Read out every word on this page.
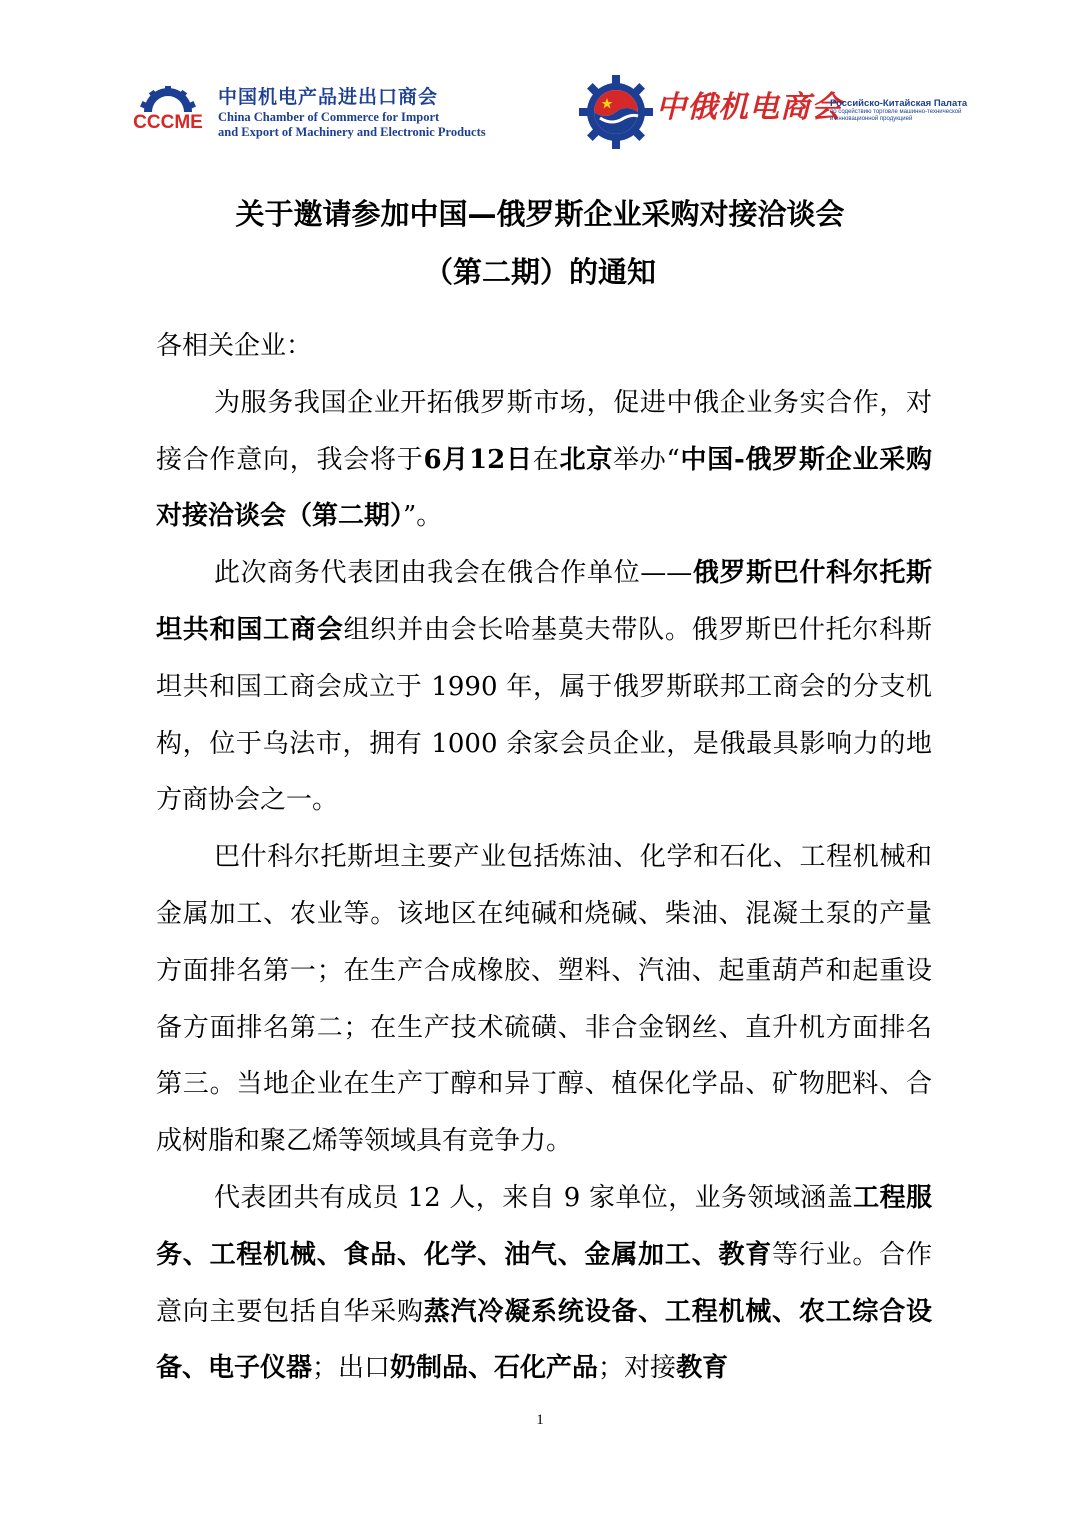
CCCME
中国机电产品进出口商会
China Chamber of Commerce for Import
and Export of Machinery and Electronic Products
中俄机电商会
Российско-Китайская Палата
по содействию торговле машинно-технической
и инновационной продукцией
关于邀请参加中国—俄罗斯企业采购对接洽谈会
（第二期）的通知

各相关企业：

为服务我国企业开拓俄罗斯市场，促进中俄企业务实合作，对接合作意向，我会将于6月12日在北京举办“中国-俄罗斯企业采购对接洽谈会（第二期）”。

此次商务代表团由我会在俄合作单位——俄罗斯巴什科尔托斯坦共和国工商会组织并由会长哈基莫夫带队。俄罗斯巴什托尔科斯坦共和国工商会成立于 1990 年，属于俄罗斯联邦工商会的分支机构，位于乌法市，拥有 1000 余家会员企业，是俄最具影响力的地方商协会之一。

巴什科尔托斯坦主要产业包括炼油、化学和石化、工程机械和金属加工、农业等。该地区在纯碱和烧碱、柴油、混凝土泵的产量方面排名第一；在生产合成橡胶、塑料、汽油、起重葫芦和起重设备方面排名第二；在生产技术硫磺、非合金钢丝、直升机方面排名第三。当地企业在生产丁醇和异丁醇、植保化学品、矿物肥料、合成树脂和聚乙烯等领域具有竞争力。

代表团共有成员 12 人，来自 9 家单位，业务领域涵盖工程服务、工程机械、食品、化学、油气、金属加工、教育等行业。合作意向主要包括自华采购蒸汽冷凝系统设备、工程机械、农工综合设备、电子仪器；出口奶制品、石化产品；对接教育

1
